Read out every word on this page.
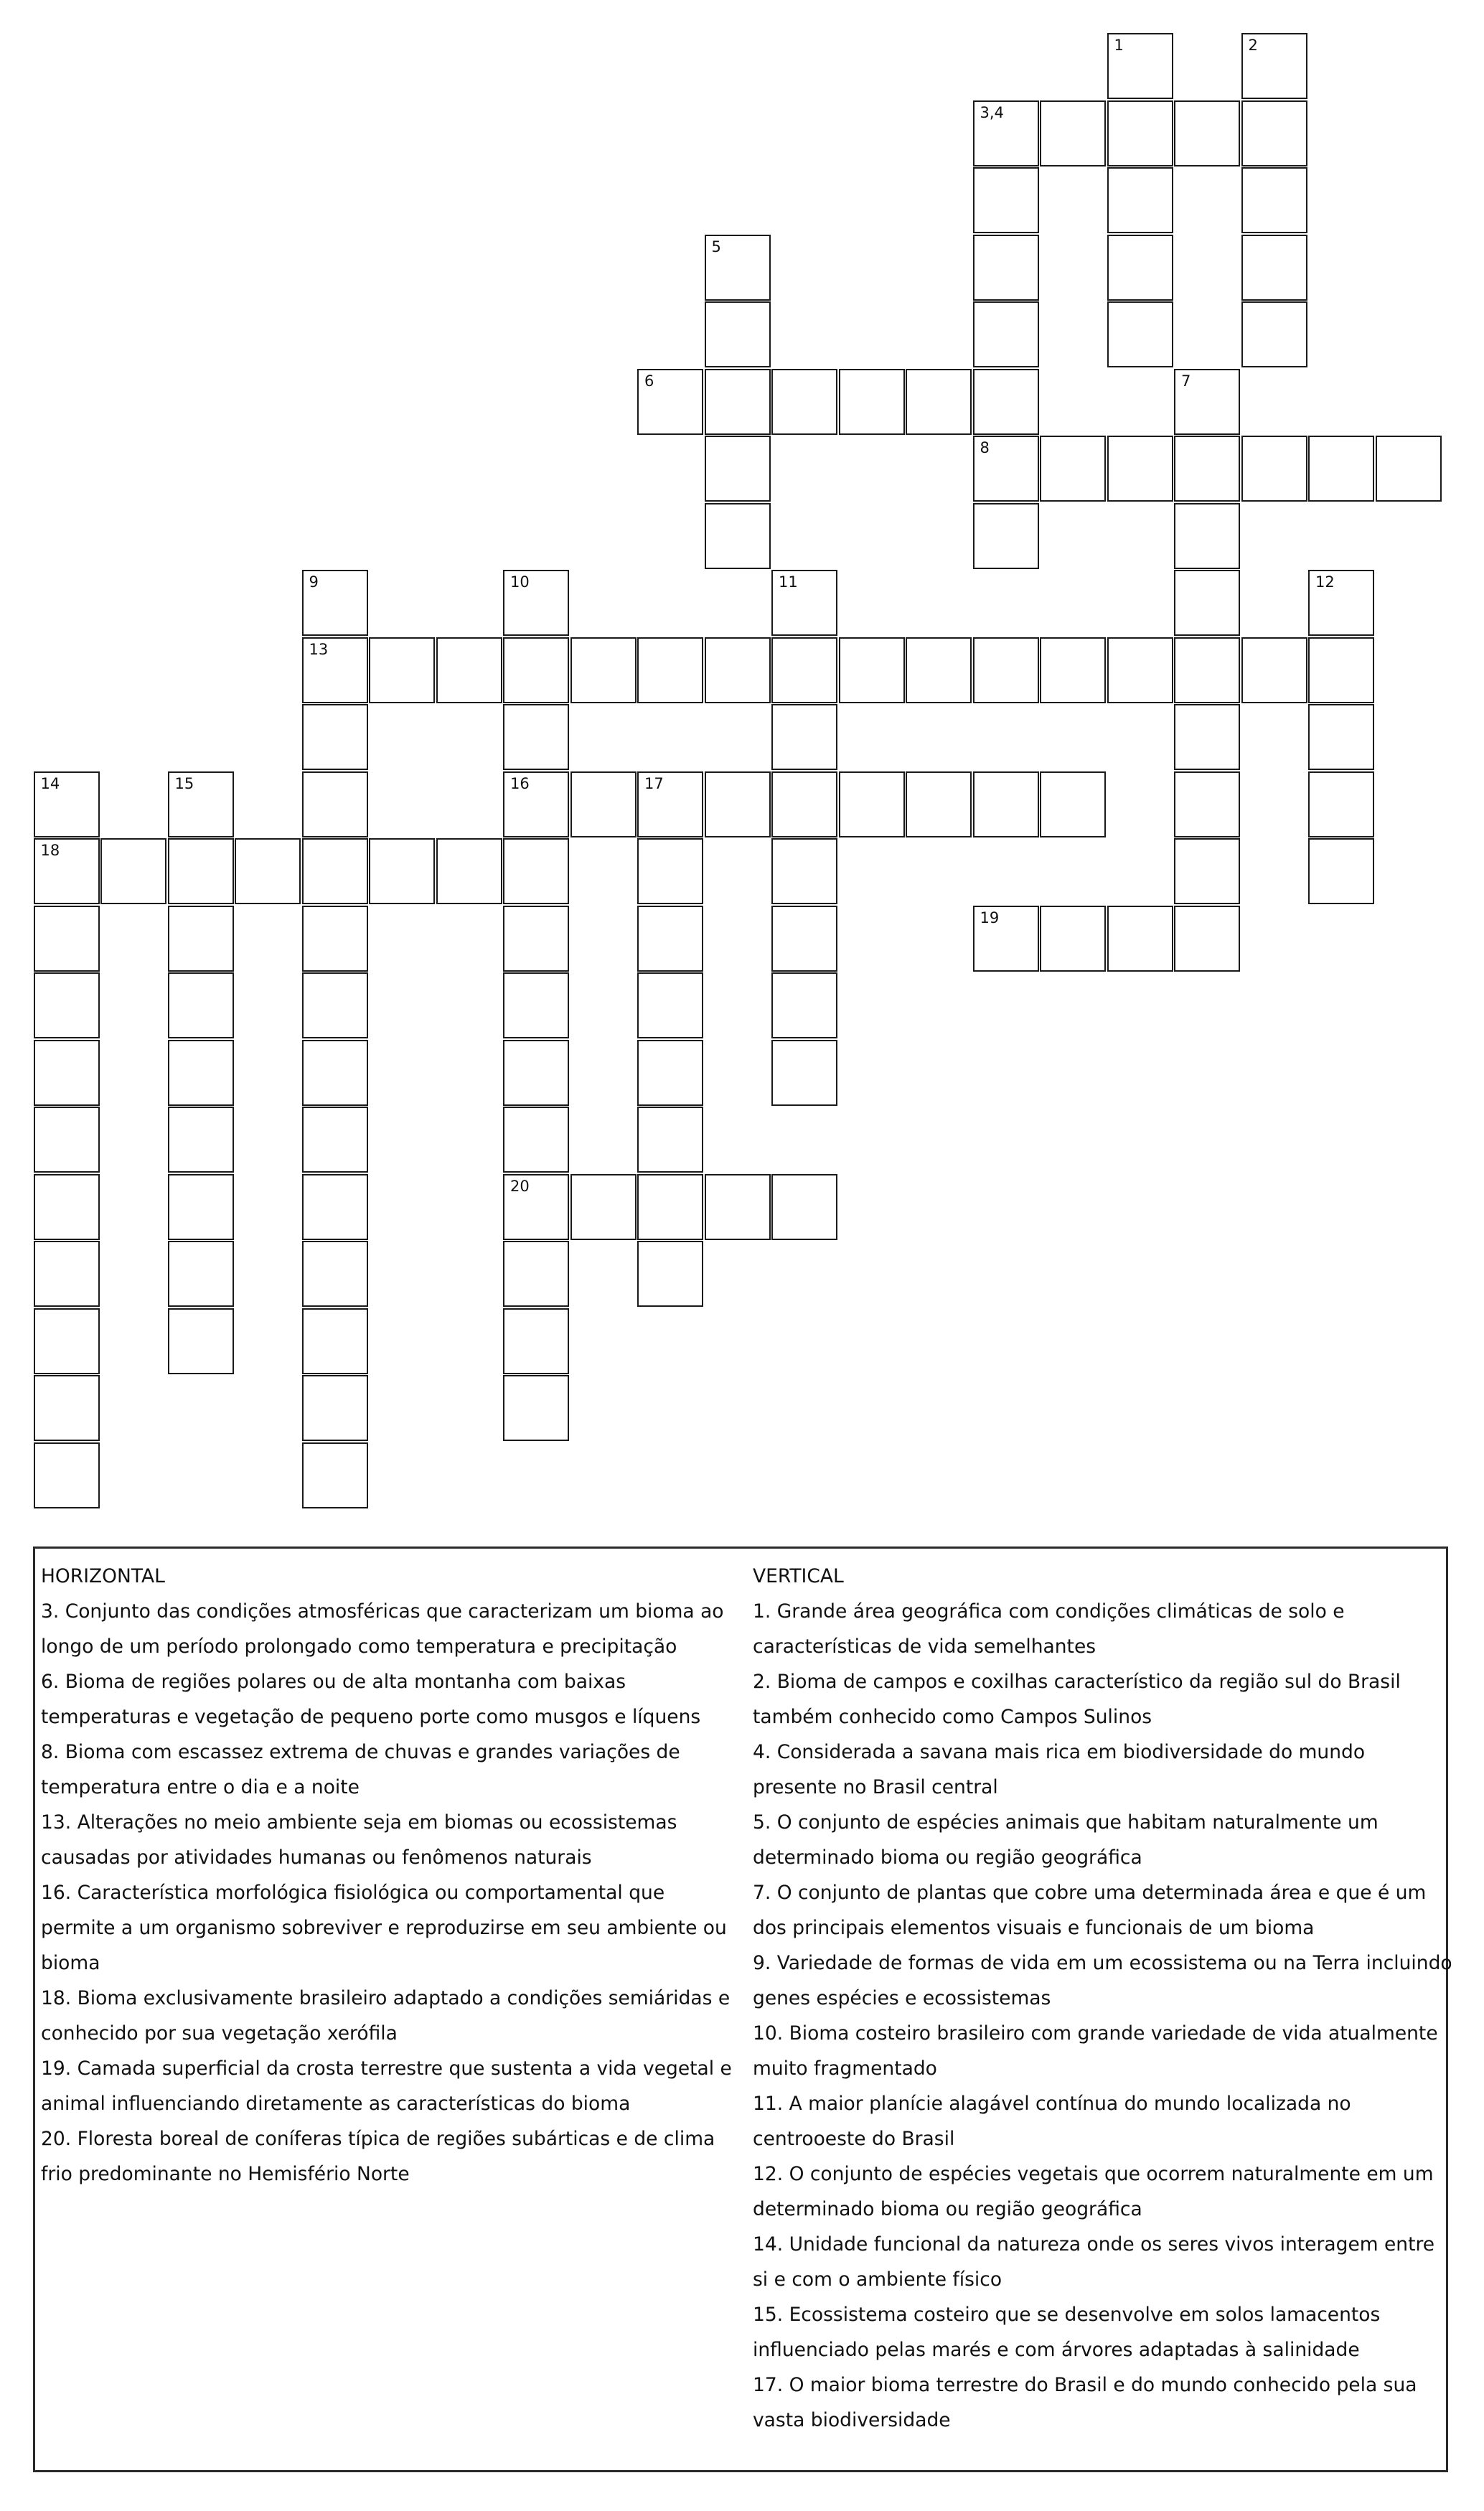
1	2
3,4
8
5
6	7
9
13
10
16
20
11	12
14
18
15	17
19
HORIZONTAL
3. Conjunto das condições atmosféricas que caracterizam um bioma ao longo de um período prolongado como temperatura e precipitação
6. Bioma de regiões polares ou de alta montanha com baixas temperaturas e vegetação de pequeno porte como musgos e líquens
8. Bioma com escassez extrema de chuvas e grandes variações de temperatura entre o dia e a noite
13. Alterações no meio ambiente seja em biomas ou ecossistemas causadas por atividades humanas ou fenômenos naturais
16. Característica morfológica fisiológica ou comportamental que permite a um organismo sobreviver e reproduzirse em seu ambiente ou bioma
18. Bioma exclusivamente brasileiro adaptado a condições semiáridas e conhecido por sua vegetação xerófila
19. Camada superficial da crosta terrestre que sustenta a vida vegetal e animal influenciando diretamente as características do bioma
20. Floresta boreal de coníferas típica de regiões subárticas e de clima frio predominante no Hemisfério Norte
VERTICAL
1. Grande área geográfica com condições climáticas de solo e características de vida semelhantes
2. Bioma de campos e coxilhas característico da região sul do Brasil também conhecido como Campos Sulinos
4. Considerada a savana mais rica em biodiversidade do mundo presente no Brasil central
5. O conjunto de espécies animais que habitam naturalmente um determinado bioma ou região geográfica
7. O conjunto de plantas que cobre uma determinada área e que é um dos principais elementos visuais e funcionais de um bioma
9. Variedade de formas de vida em um ecossistema ou na Terra incluindo genes espécies e ecossistemas
10. Bioma costeiro brasileiro com grande variedade de vida atualmente muito fragmentado
11. A maior planície alagável contínua do mundo localizada no centrooeste do Brasil
12. O conjunto de espécies vegetais que ocorrem naturalmente em um determinado bioma ou região geográfica
14. Unidade funcional da natureza onde os seres vivos interagem entre si e com o ambiente físico
15. Ecossistema costeiro que se desenvolve em solos lamacentos influenciado pelas marés e com árvores adaptadas à salinidade
17. O maior bioma terrestre do Brasil e do mundo conhecido pela sua vasta biodiversidade
